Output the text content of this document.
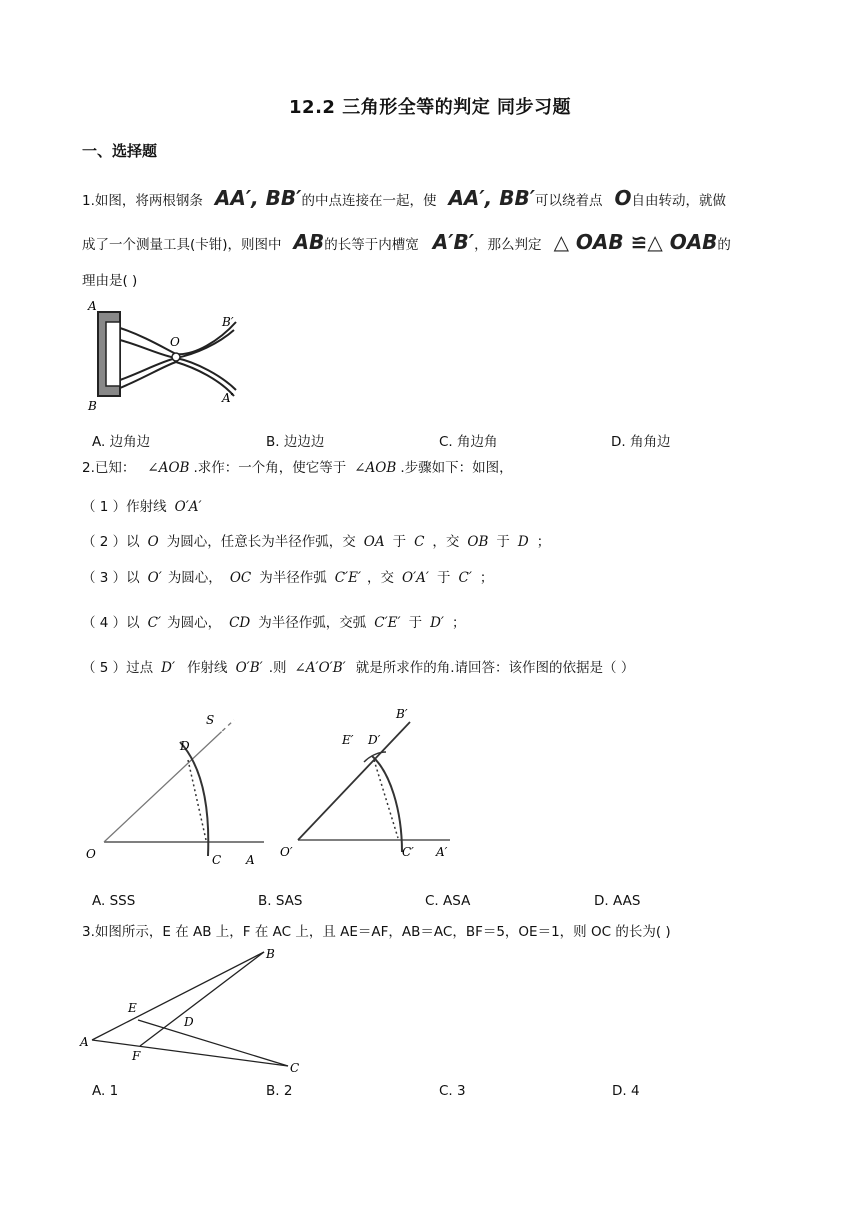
12.2 三角形全等的判定 同步习题
一、选择题
1.如图，将两根钢条 AA′, BB′的中点连接在一起，使 AA′, BB′可以绕着点 O自由转动，就做
成了一个测量工具(卡钳)，则图中 AB的长等于内槽宽 A′B′，那么判定 △ OAB ≌△ OAB的
理由是( )
A
B
O
B′
A′
A. 边角边	B. 边边边	C. 角边角	D. 角角边
2.已知： ∠AOB .求作：一个角，使它等于 ∠AOB .步骤如下：如图，
（ 1 ）作射线 O′A′
（ 2 ）以 O 为圆心，任意长为半径作弧，交 OA 于 C ，交 OB 于 D ；
（ 3 ）以 O′ 为圆心， OC 为半径作弧 C′E′ ，交 O′A′ 于 C′ ；
（ 4 ）以 C′ 为圆心， CD 为半径作弧，交弧 C′E′ 于 D′ ；
（ 5 ）过点 D′ 作射线 O′B′ .则 ∠A′O′B′ 就是所求作的角.请回答：该作图的依据是（ ）
S
D
O	C A
B′
E′ D′
O′	C′ A′
A. SSS	B. SAS	C. ASA	D. AAS
3.如图所示，E 在 AB 上，F 在 AC 上，且 AE＝AF，AB＝AC，BF＝5，OE＝1，则 OC 的长为( )
B
E
D
A
F
C
A. 1	B. 2	C. 3	D. 4
